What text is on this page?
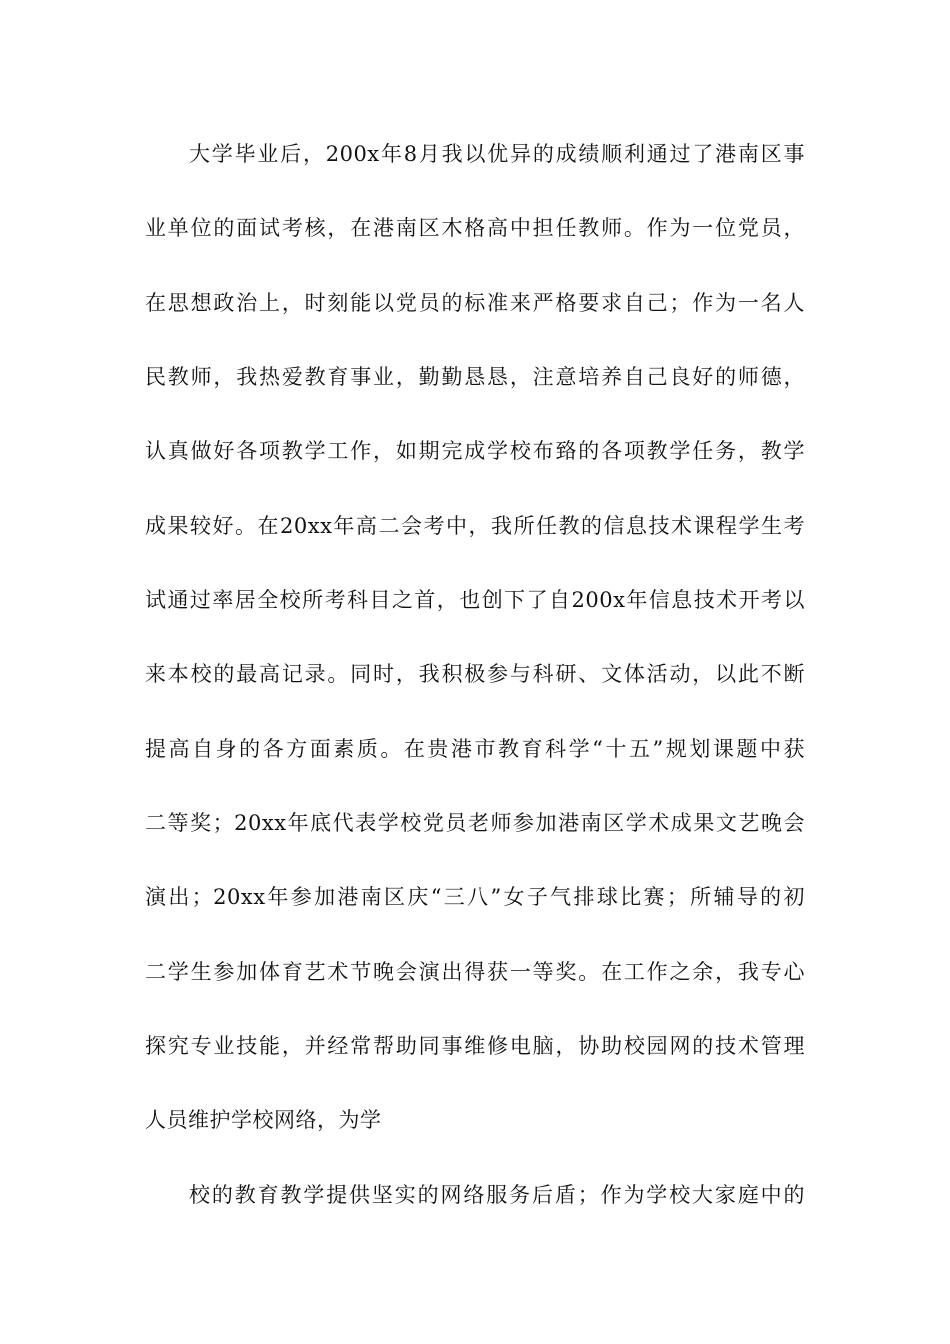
大学毕业后，200x年8月我以优异的成绩顺利通过了港南区事
业单位的面试考核，在港南区木格高中担任教师。作为一位党员，
在思想政治上，时刻能以党员的标准来严格要求自己；作为一名人
民教师，我热爱教育事业，勤勤恳恳，注意培养自己良好的师德，
认真做好各项教学工作，如期完成学校布臵的各项教学任务，教学
成果较好。在20xx年高二会考中，我所任教的信息技术课程学生考
试通过率居全校所考科目之首，也创下了自200x年信息技术开考以
来本校的最高记录。同时，我积极参与科研、文体活动，以此不断
提高自身的各方面素质。在贵港市教育科学“十五”规划课题中获
二等奖；20xx年底代表学校党员老师参加港南区学术成果文艺晚会
演出；20xx年参加港南区庆“三八”女子气排球比赛；所辅导的初
二学生参加体育艺术节晚会演出得获一等奖。在工作之余，我专心
探究专业技能，并经常帮助同事维修电脑，协助校园网的技术管理
人员维护学校网络，为学
校的教育教学提供坚实的网络服务后盾；作为学校大家庭中的
